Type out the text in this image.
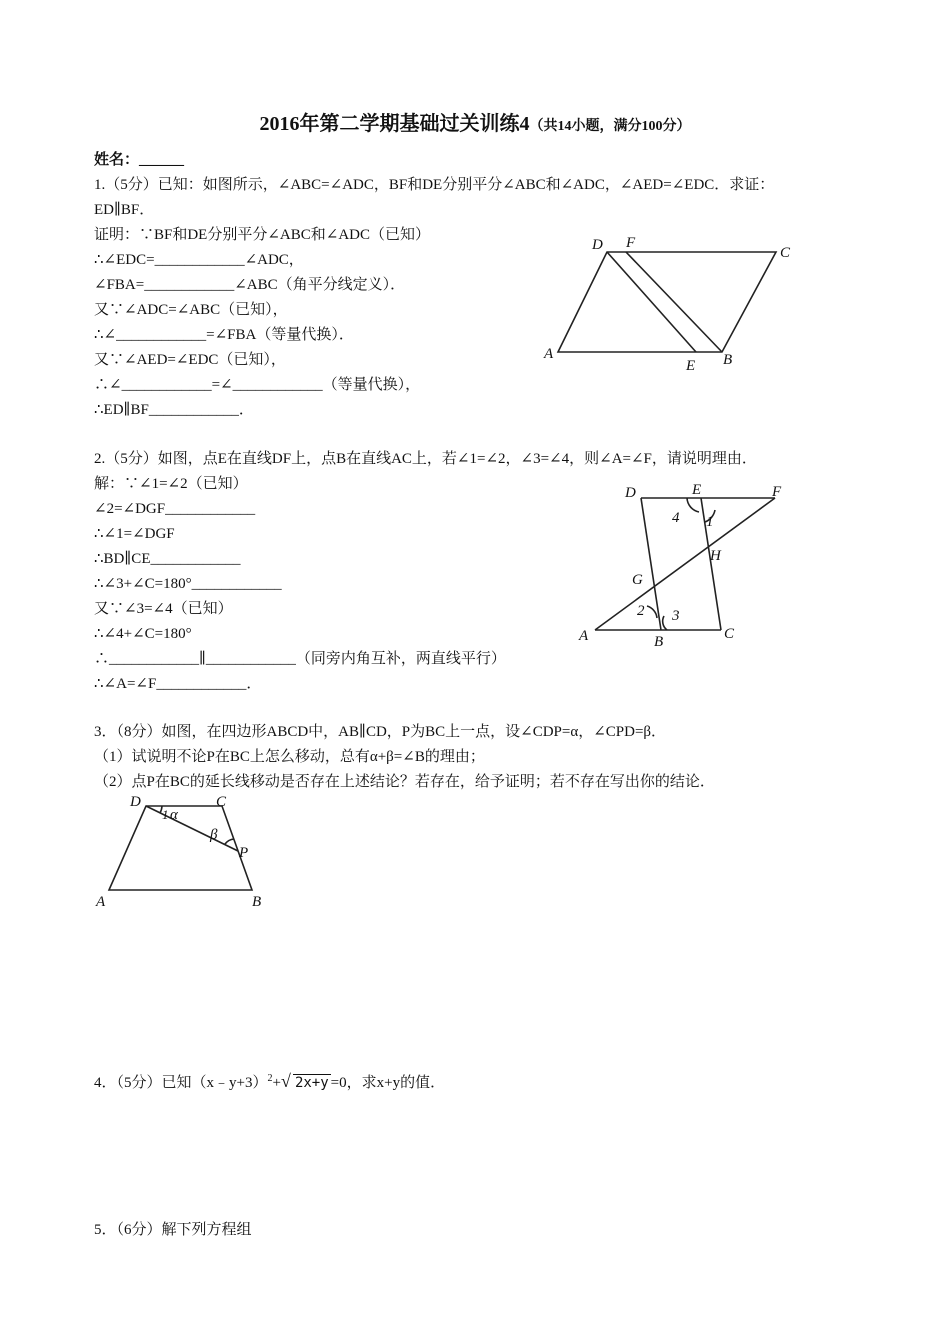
2016年第二学期基础过关训练4（共14小题，满分100分）
姓名：______
1.（5分）已知：如图所示，∠ABC=∠ADC，BF和DE分别平分∠ABC和∠ADC，∠AED=∠EDC．求证：
ED∥BF．
证明：∵BF和DE分别平分∠ABC和∠ADC（已知）
∴∠EDC=____________∠ADC，
∠FBA=____________∠ABC（角平分线定义）．
又∵∠ADC=∠ABC（已知），
∴∠____________=∠FBA（等量代换）．
又∵∠AED=∠EDC（已知），
∴∠____________=∠____________（等量代换），
∴ED∥BF____________．
D F
C
A
E B
2.（5分）如图，点E在直线DF上，点B在直线AC上，若∠1=∠2，∠3=∠4，则∠A=∠F，请说明理由．
解：∵∠1=∠2（已知）
∠2=∠DGF____________
∴∠1=∠DGF
∴BD∥CE____________
∴∠3+∠C=180°____________
又∵∠3=∠4（已知）
∴∠4+∠C=180°
∴____________∥____________（同旁内角互补，两直线平行）
∴∠A=∠F____________．
D	E	F
H
G
A	B	C
1
2 3
4
3．（8分）如图，在四边形ABCD中，AB∥CD，P为BC上一点，设∠CDP=α，∠CPD=β．
（1）试说明不论P在BC上怎么移动，总有α+β=∠B的理由；
（2）点P在BC的延长线移动是否存在上述结论？若存在，给予证明；若不存在写出你的结论．
D	C
P
A	B
1 α
β
4．（5分）已知（x﹣y+3）$^2$+ √ 2x+y =0，求x+y的值．
5．（6分）解下列方程组
